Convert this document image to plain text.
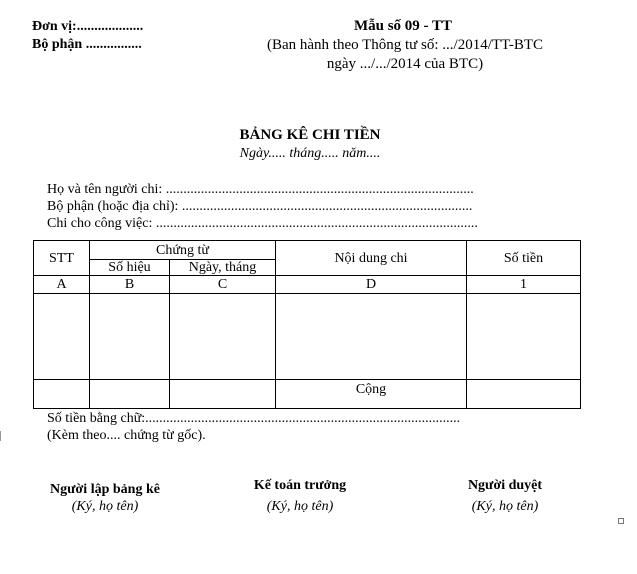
Đơn vị:...................
Bộ phận ................
Mẫu số 09 - TT
(Ban hành theo Thông tư số: .../2014/TT-BTC
ngày .../.../2014 của BTC)
BẢNG KÊ CHI TIỀN
Ngày..... tháng..... năm....
Họ và tên người chi: ........................................................................................
Bộ phận (hoặc địa chỉ): ...................................................................................
Chi cho công việc: ............................................................................................
STT	Chứng từ		Nội dung chi	Số tiền
	Số hiệu	Ngày, tháng		
A	B	C	D	1

			Cộng	
Số tiền bằng chữ:..........................................................................................
(Kèm theo.... chứng từ gốc).
Người lập bảng kê
(Ký, họ tên)
Kế toán trưởng
(Ký, họ tên)
Người duyệt
(Ký, họ tên)
